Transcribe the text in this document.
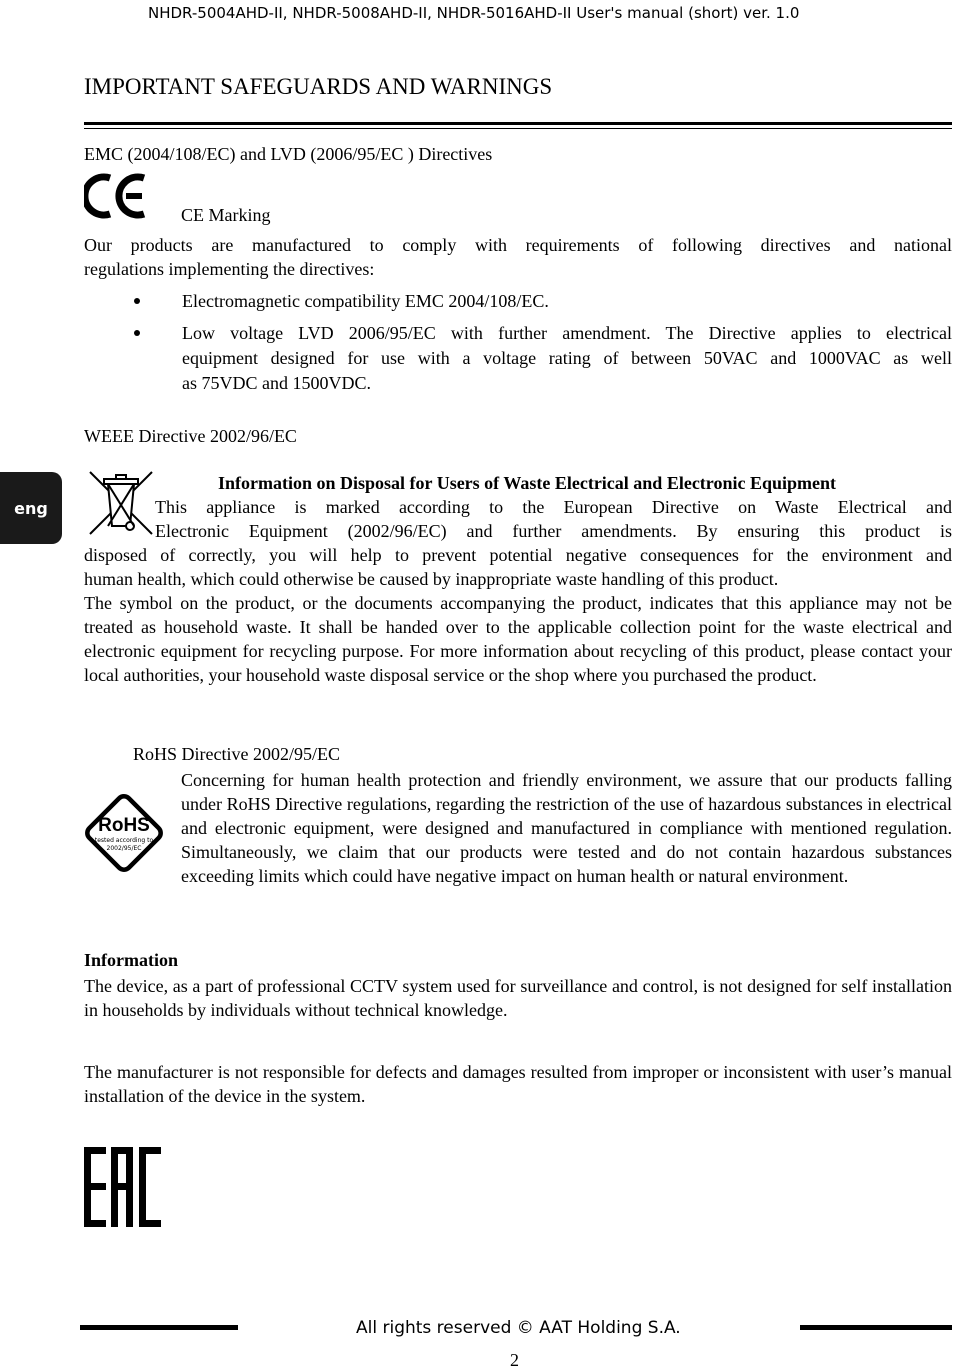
NHDR-5004AHD-II, NHDR-5008AHD-II, NHDR-5016AHD-II User's manual (short) ver. 1.0
IMPORTANT SAFEGUARDS AND WARNINGS
EMC (2004/108/EC) and LVD (2006/95/EC ) Directives
CE Marking
Our products are manufactured to comply with requirements of following directives and national
regulations implementing the directives:
Electromagnetic compatibility EMC 2004/108/EC.
Low voltage LVD 2006/95/EC with further amendment. The Directive applies to electrical
equipment designed for use with a voltage rating of between 50VAC and 1000VAC as well
as 75VDC and 1500VDC.
WEEE Directive 2002/96/EC
eng
Information on Disposal for Users of Waste Electrical and Electronic Equipment
This appliance is marked according to the European Directive on Waste Electrical and
Electronic Equipment (2002/96/EC) and further amendments. By ensuring this product is
disposed of correctly, you will help to prevent potential negative consequences for the environment and
human health, which could otherwise be caused by inappropriate waste handling of this product.
The symbol on the product, or the documents accompanying the product, indicates that this appliance may not be treated as household waste. It shall be handed over to the applicable collection point for the waste electrical and electronic equipment for recycling purpose. For more information about recycling of this product, please contact your local authorities, your household waste disposal service or the shop where you purchased the product.
RoHS Directive 2002/95/EC
RoHS
tested according to
2002/95/EC
Concerning for human health protection and friendly environment, we assure that our products falling under RoHS Directive regulations, regarding the restriction of the use of hazardous substances in electrical and electronic equipment, were designed and manufactured in compliance with mentioned regulation. Simultaneously, we claim that our products were tested and do not contain hazardous substances exceeding limits which could have negative impact on human health or natural environment.
Information
The device, as a part of professional CCTV system used for surveillance and control, is not designed for self installation in households by individuals without technical knowledge.
The manufacturer is not responsible for defects and damages resulted from improper or inconsistent with user’s manual installation of the device in the system.
All rights reserved © AAT Holding S.A.
2
